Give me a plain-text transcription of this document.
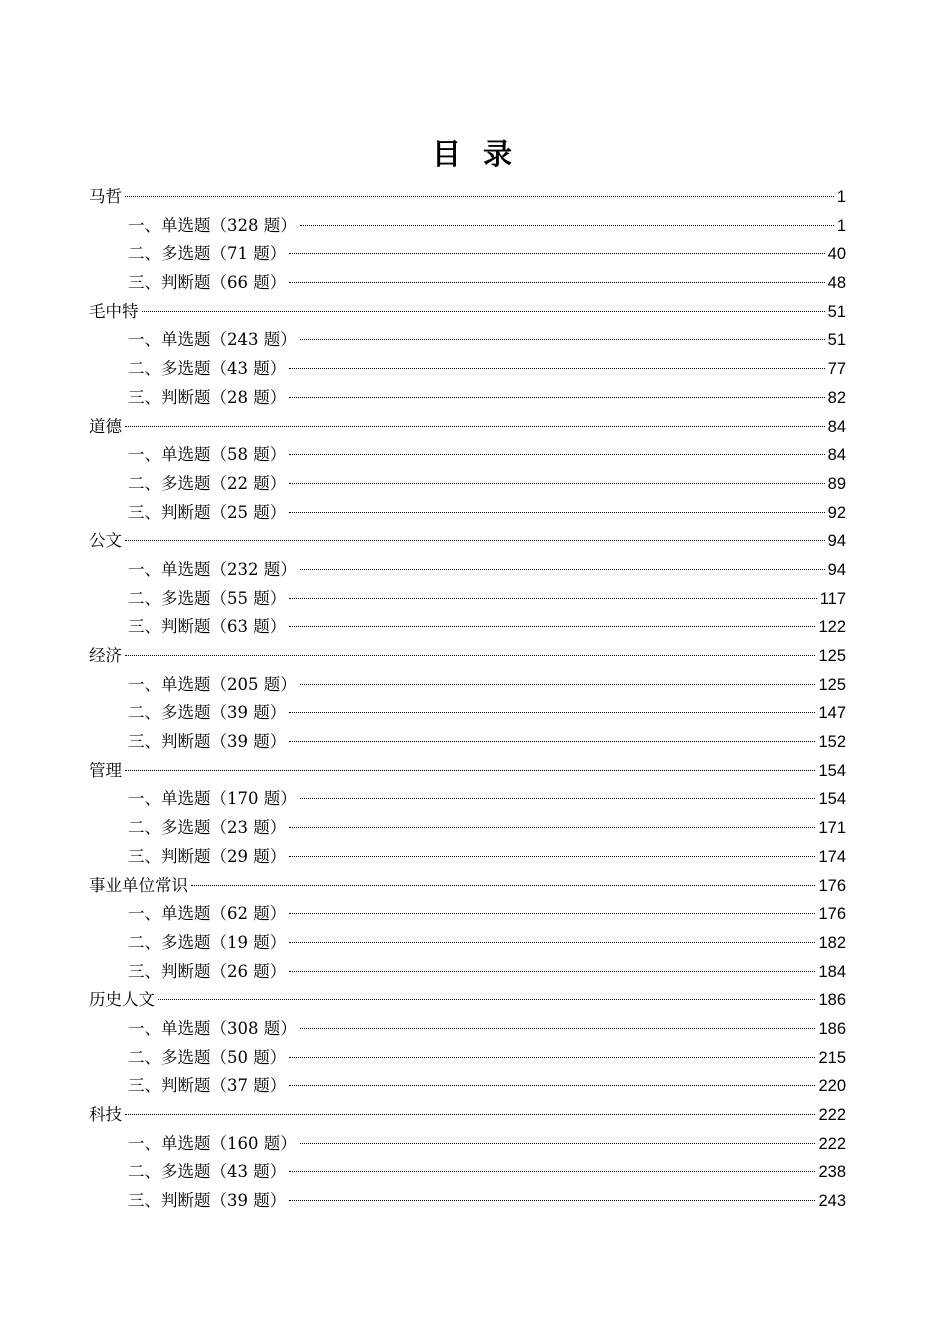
目 录
马哲	1
一、单选题（328 题）	1
二、多选题（71 题）	40
三、判断题（66 题）	48
毛中特	51
一、单选题（243 题）	51
二、多选题（43 题）	77
三、判断题（28 题）	82
道德	84
一、单选题（58 题）	84
二、多选题（22 题）	89
三、判断题（25 题）	92
公文	94
一、单选题（232 题）	94
二、多选题（55 题）	117
三、判断题（63 题）	122
经济	125
一、单选题（205 题）	125
二、多选题（39 题）	147
三、判断题（39 题）	152
管理	154
一、单选题（170 题）	154
二、多选题（23 题）	171
三、判断题（29 题）	174
事业单位常识	176
一、单选题（62 题）	176
二、多选题（19 题）	182
三、判断题（26 题）	184
历史人文	186
一、单选题（308 题）	186
二、多选题（50 题）	215
三、判断题（37 题）	220
科技	222
一、单选题（160 题）	222
二、多选题（43 题）	238
三、判断题（39 题）	243
